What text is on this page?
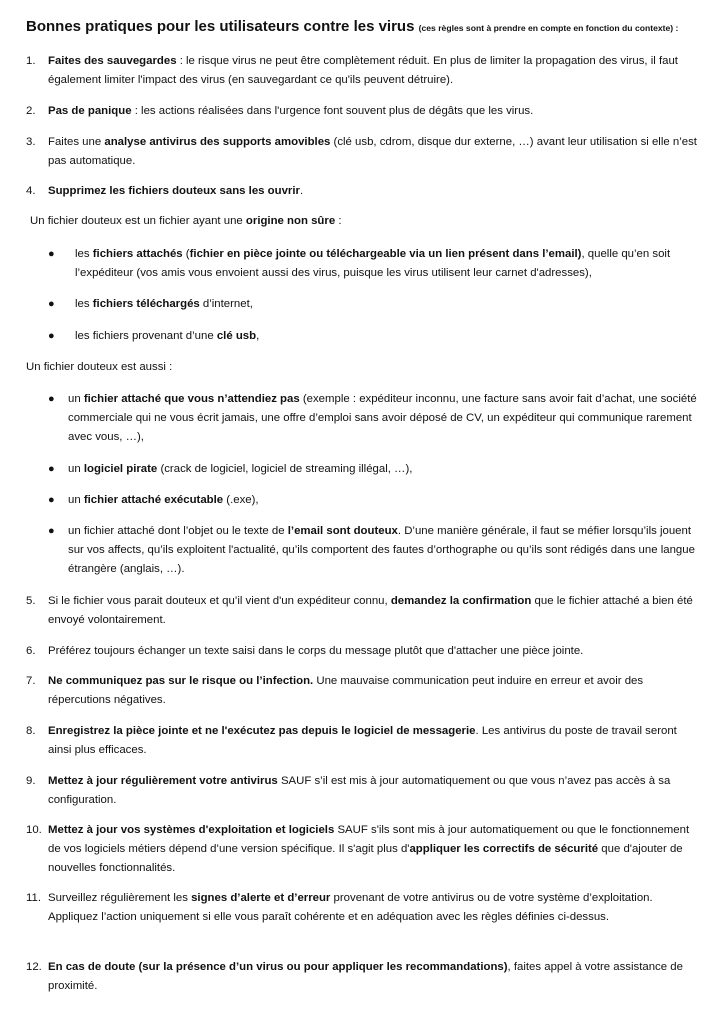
Bonnes pratiques pour les utilisateurs contre les virus (ces règles sont à prendre en compte en fonction du contexte) :
1.	Faites des sauvegardes : le risque virus ne peut être complètement réduit. En plus de limiter la propagation des virus, il faut également limiter l'impact des virus (en sauvegardant ce qu'ils peuvent détruire).
2.	Pas de panique : les actions réalisées dans l'urgence font souvent plus de dégâts que les virus.
3.	Faites une analyse antivirus des supports amovibles (clé usb, cdrom, disque dur externe, …) avant leur utilisation si elle n’est pas automatique.
4.	Supprimez les fichiers douteux sans les ouvrir.
Un fichier douteux est un fichier ayant une origine non sûre :
● les fichiers attachés (fichier en pièce jointe ou téléchargeable via un lien présent dans l’email), quelle qu’en soit l’expéditeur (vos amis vous envoient aussi des virus, puisque les virus utilisent leur carnet d'adresses),
● les fichiers téléchargés d’internet,
● les fichiers provenant d’une clé usb,
Un fichier douteux est aussi :
● un fichier attaché que vous n’attendiez pas (exemple : expéditeur inconnu, une facture sans avoir fait d’achat, une société commerciale qui ne vous écrit jamais, une offre d’emploi sans avoir déposé de CV, un expéditeur qui communique rarement avec vous, …),
● un logiciel pirate (crack de logiciel, logiciel de streaming illégal, …),
● un fichier attaché exécutable (.exe),
● un fichier attaché dont l’objet ou le texte de l’email sont douteux. D’une manière générale, il faut se méfier lorsqu’ils jouent sur vos affects, qu’ils exploitent l'actualité, qu’ils comportent des fautes d’orthographe ou qu’ils sont rédigés dans une langue étrangère (anglais, …).
5.	Si le fichier vous parait douteux et qu’il vient d'un expéditeur connu, demandez la confirmation que le fichier attaché a bien été envoyé volontairement.
6.	Préférez toujours échanger un texte saisi dans le corps du message plutôt que d'attacher une pièce jointe.
7.	Ne communiquez pas sur le risque ou l’infection. Une mauvaise communication peut induire en erreur et avoir des répercutions négatives.
8.	Enregistrez la pièce jointe et ne l'exécutez pas depuis le logiciel de messagerie. Les antivirus du poste de travail seront ainsi plus efficaces.
9.	Mettez à jour régulièrement votre antivirus SAUF s’il est mis à jour automatiquement ou que vous n’avez pas accès à sa configuration.
10. Mettez à jour vos systèmes d'exploitation et logiciels SAUF s'ils sont mis à jour automatiquement ou que le fonctionnement de vos logiciels métiers dépend d’une version spécifique. Il s'agit plus d'appliquer les correctifs de sécurité que d'ajouter de nouvelles fonctionnalités.
11. Surveillez régulièrement les signes d’alerte et d’erreur provenant de votre antivirus ou de votre système d’exploitation. Appliquez l’action uniquement si elle vous paraît cohérente et en adéquation avec les règles définies ci-dessus.
12. En cas de doute (sur la présence d’un virus ou pour appliquer les recommandations), faites appel à votre assistance de proximité.
